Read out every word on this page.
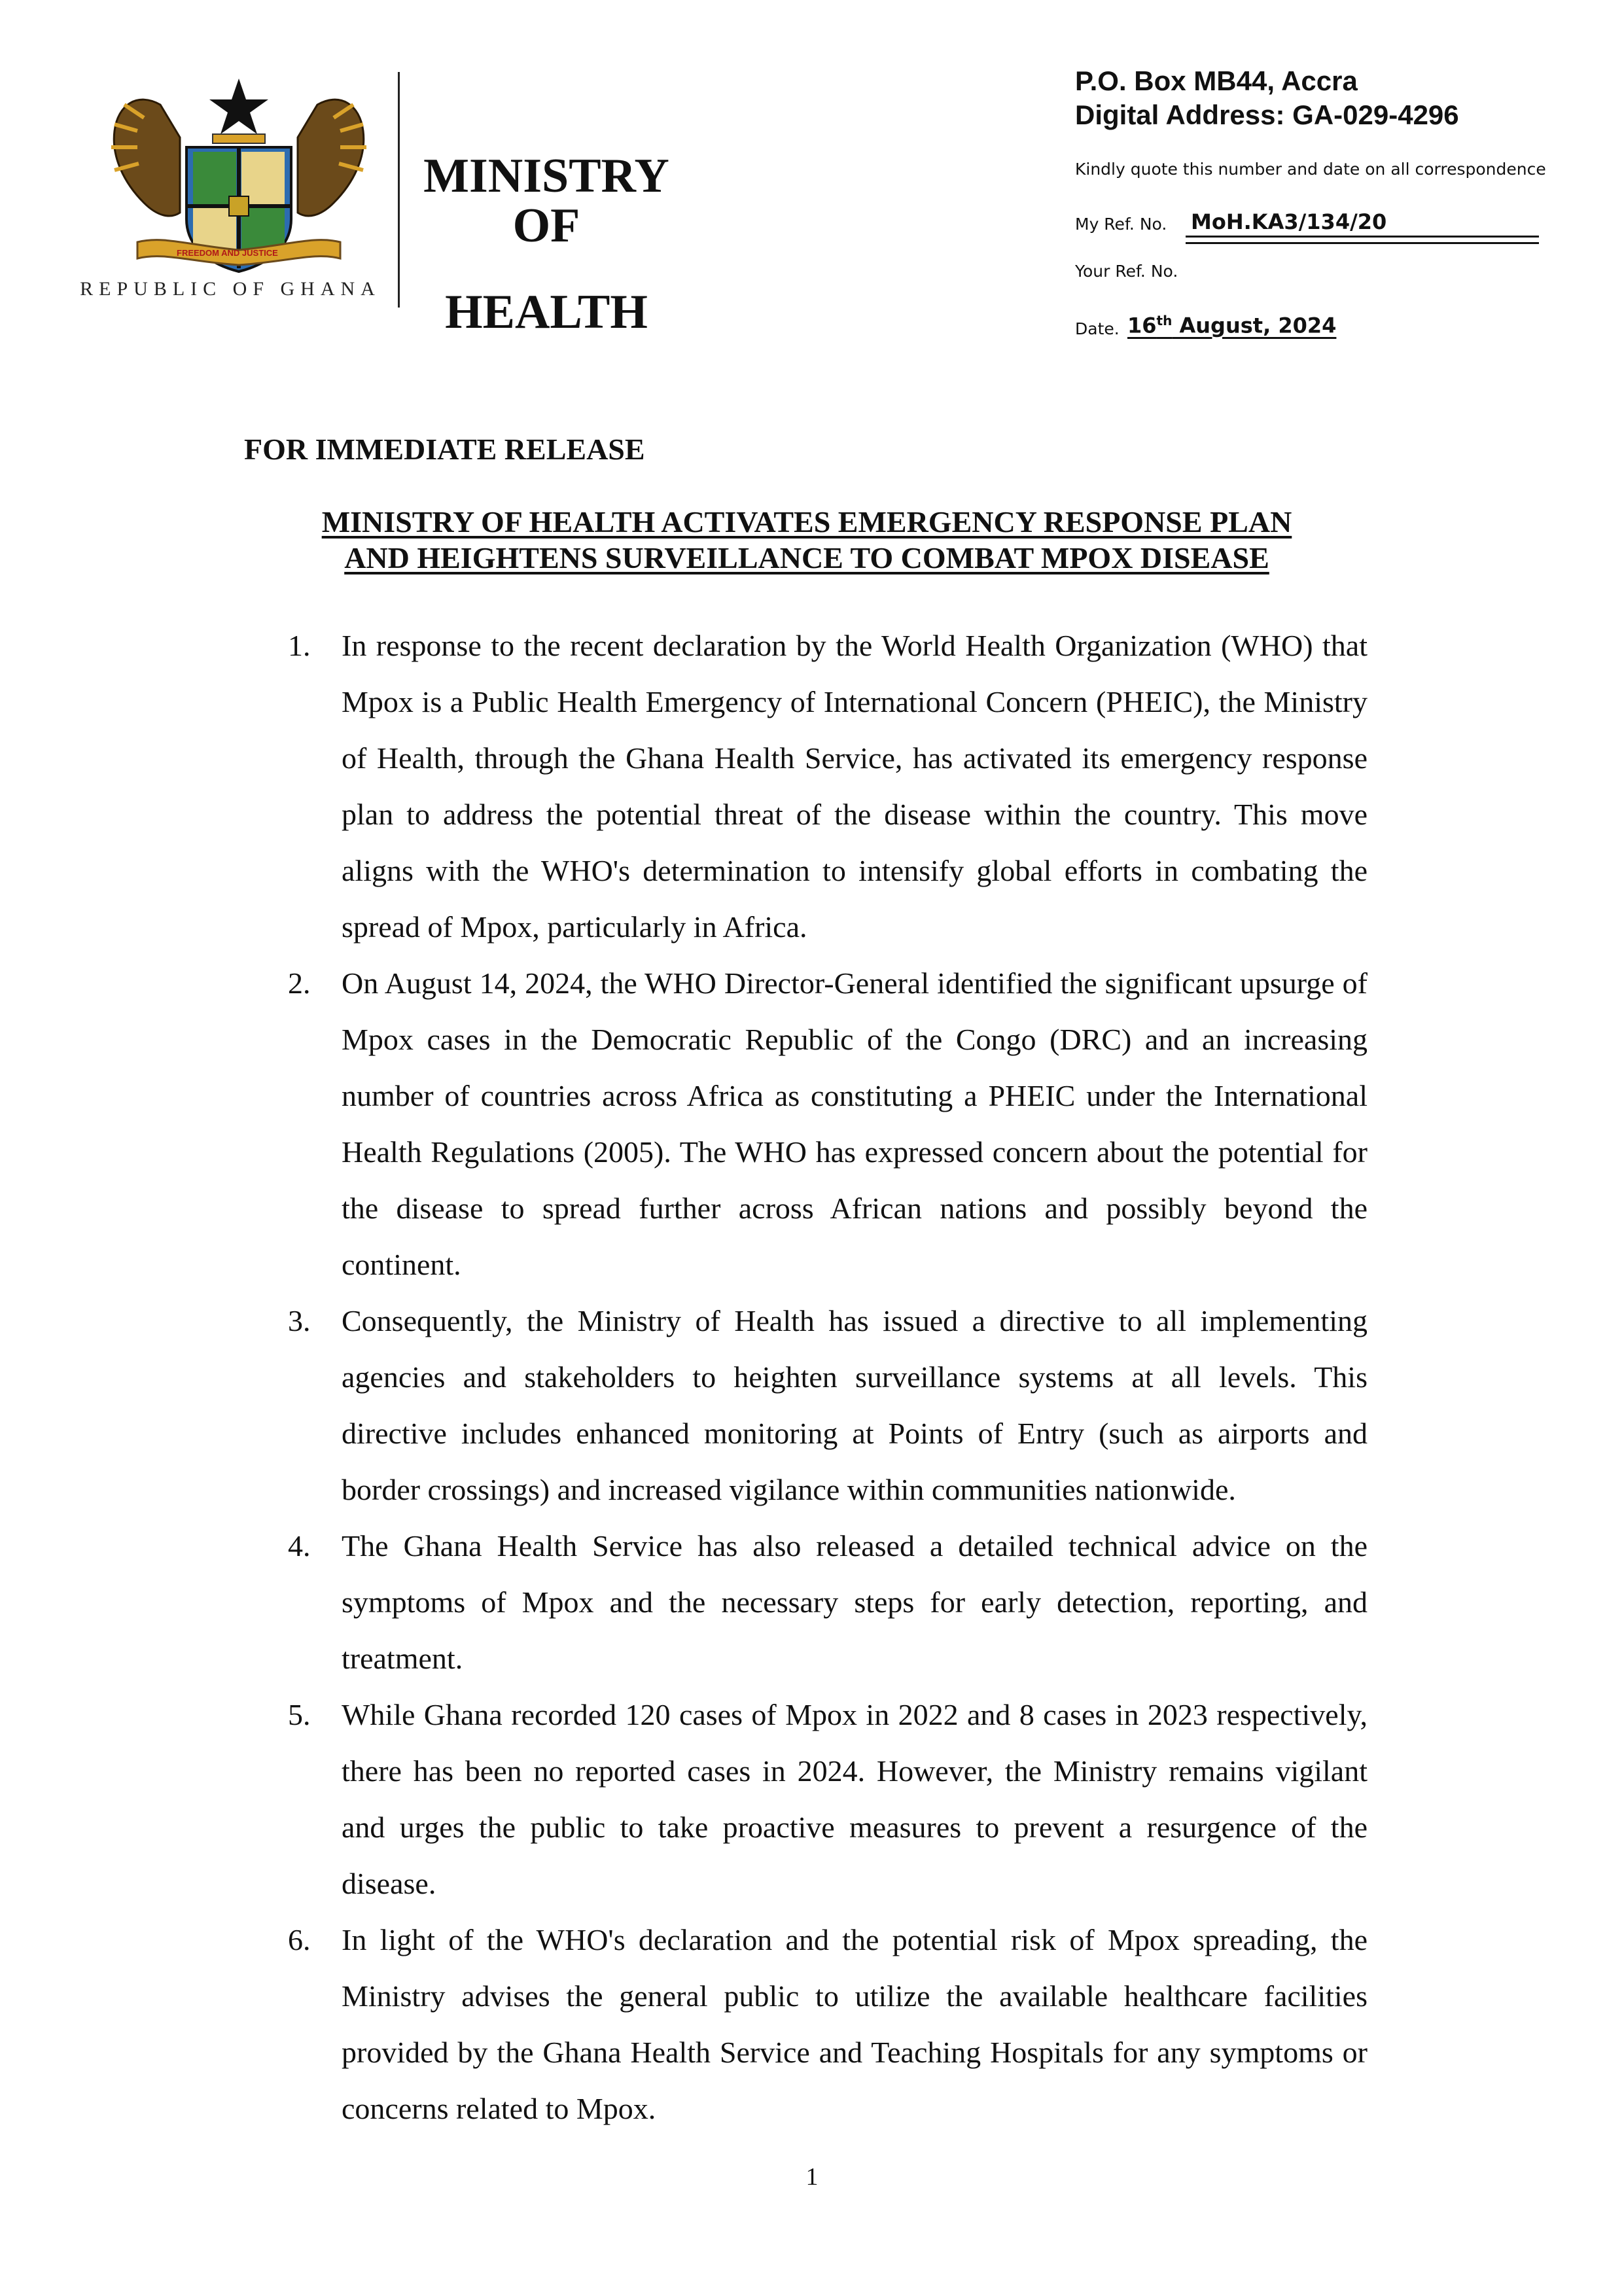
FREEDOM AND JUSTICE
REPUBLIC OF GHANA
MINISTRY
OF
HEALTH
P.O. Box MB44, Accra
Digital Address: GA-029-4296
Kindly quote this number and date on all correspondence
My Ref. No. MoH.KA3/134/20
Your Ref. No.
Date. 16th August, 2024
FOR IMMEDIATE RELEASE
MINISTRY OF HEALTH ACTIVATES EMERGENCY RESPONSE PLAN
AND HEIGHTENS SURVEILLANCE TO COMBAT MPOX DISEASE
1. In response to the recent declaration by the World Health Organization (WHO) that Mpox is a Public Health Emergency of International Concern (PHEIC), the Ministry of Health, through the Ghana Health Service, has activated its emergency response plan to address the potential threat of the disease within the country. This move aligns with the WHO's determination to intensify global efforts in combating the spread of Mpox, particularly in Africa.

2. On August 14, 2024, the WHO Director-General identified the significant upsurge of Mpox cases in the Democratic Republic of the Congo (DRC) and an increasing number of countries across Africa as constituting a PHEIC under the International Health Regulations (2005). The WHO has expressed concern about the potential for the disease to spread further across African nations and possibly beyond the continent.

3. Consequently, the Ministry of Health has issued a directive to all implementing agencies and stakeholders to heighten surveillance systems at all levels. This directive includes enhanced monitoring at Points of Entry (such as airports and border crossings) and increased vigilance within communities nationwide.

4. The Ghana Health Service has also released a detailed technical advice on the symptoms of Mpox and the necessary steps for early detection, reporting, and treatment.

5. While Ghana recorded 120 cases of Mpox in 2022 and 8 cases in 2023 respectively, there has been no reported cases in 2024. However, the Ministry remains vigilant and urges the public to take proactive measures to prevent a resurgence of the disease.

6. In light of the WHO's declaration and the potential risk of Mpox spreading, the Ministry advises the general public to utilize the available healthcare facilities provided by the Ghana Health Service and Teaching Hospitals for any symptoms or concerns related to Mpox.

1
